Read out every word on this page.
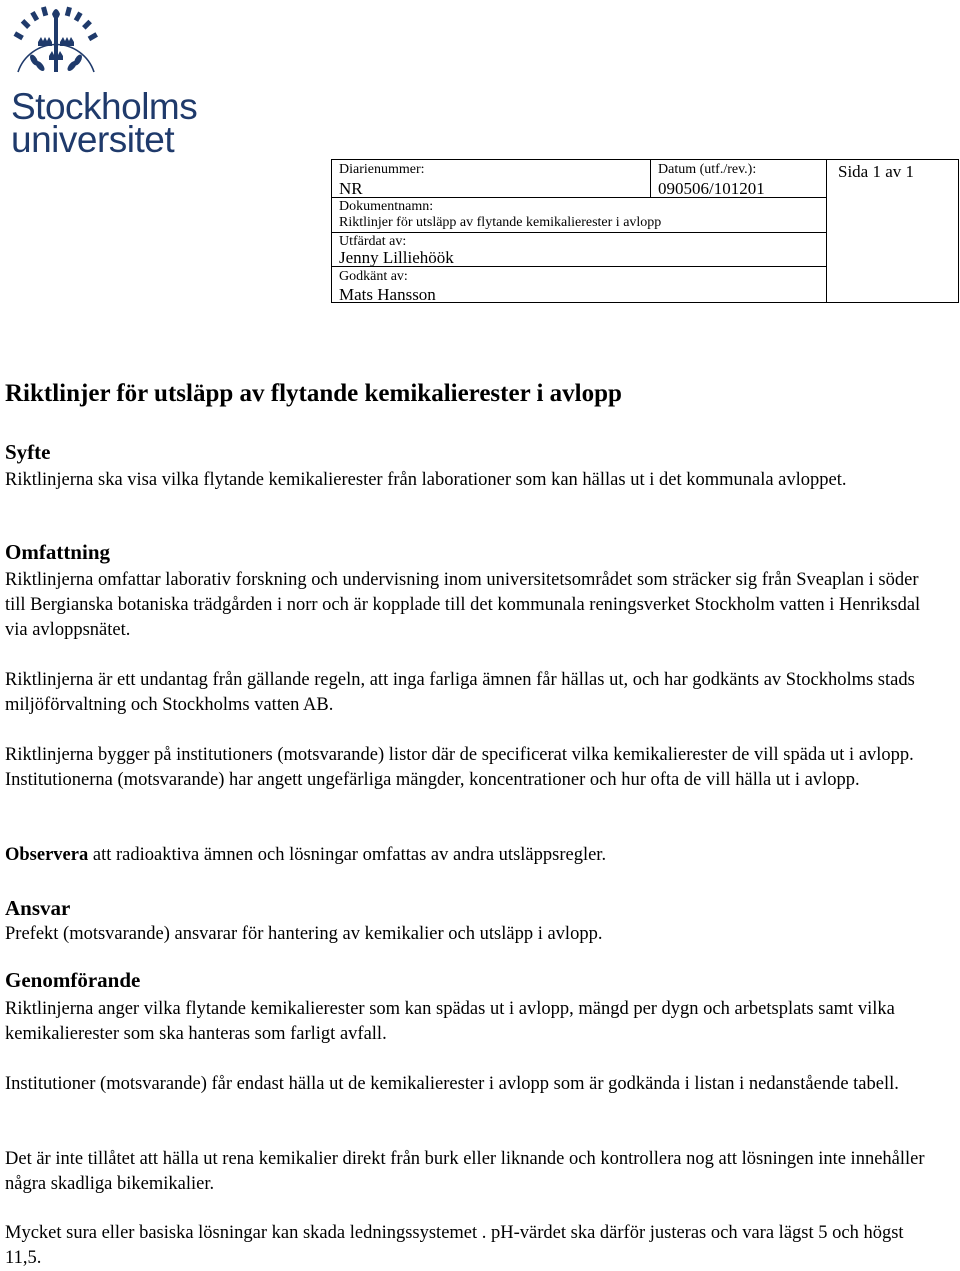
Stockholms
universitet
Diarienummer:
NR
Datum (utf./rev.):
090506/101201
Sida 1 av 1
Dokumentnamn:
Riktlinjer för utsläpp av flytande kemikalierester i avlopp
Utfärdat av:
Jenny Lilliehöök
Godkänt av:
Mats Hansson
Riktlinjer för utsläpp av flytande kemikalierester i avlopp
Syfte
Riktlinjerna ska visa vilka flytande kemikalierester från laborationer som kan hällas ut i det kommunala avloppet.
Omfattning
Riktlinjerna omfattar laborativ forskning och undervisning inom universitetsområdet som sträcker sig från Sveaplan i söder till Bergianska botaniska trädgården i norr och är kopplade till det kommunala reningsverket Stockholm vatten i Henriksdal via avloppsnätet.
Riktlinjerna är ett undantag från gällande regeln, att inga farliga ämnen får hällas ut, och har godkänts av Stockholms stads miljöförvaltning och Stockholms vatten AB.
Riktlinjerna bygger på institutioners (motsvarande) listor där de specificerat vilka kemikalierester de vill späda ut i avlopp. Institutionerna (motsvarande) har angett ungefärliga mängder, koncentrationer och hur ofta de vill hälla ut i avlopp.
Observera att radioaktiva ämnen och lösningar omfattas av andra utsläppsregler.
Ansvar
Prefekt (motsvarande) ansvarar för hantering av kemikalier och utsläpp i avlopp.
Genomförande
Riktlinjerna anger vilka flytande kemikalierester som kan spädas ut i avlopp, mängd per dygn och arbetsplats samt vilka kemikalierester som ska hanteras som farligt avfall.
Institutioner (motsvarande) får endast hälla ut de kemikalierester i avlopp som är godkända i listan i nedanstående tabell.
Det är inte tillåtet att hälla ut rena kemikalier direkt från burk eller liknande och kontrollera nog att lösningen inte innehåller några skadliga bikemikalier.
Mycket sura eller basiska lösningar kan skada ledningssystemet . pH-värdet ska därför justeras och vara lägst 5 och högst 11,5.
